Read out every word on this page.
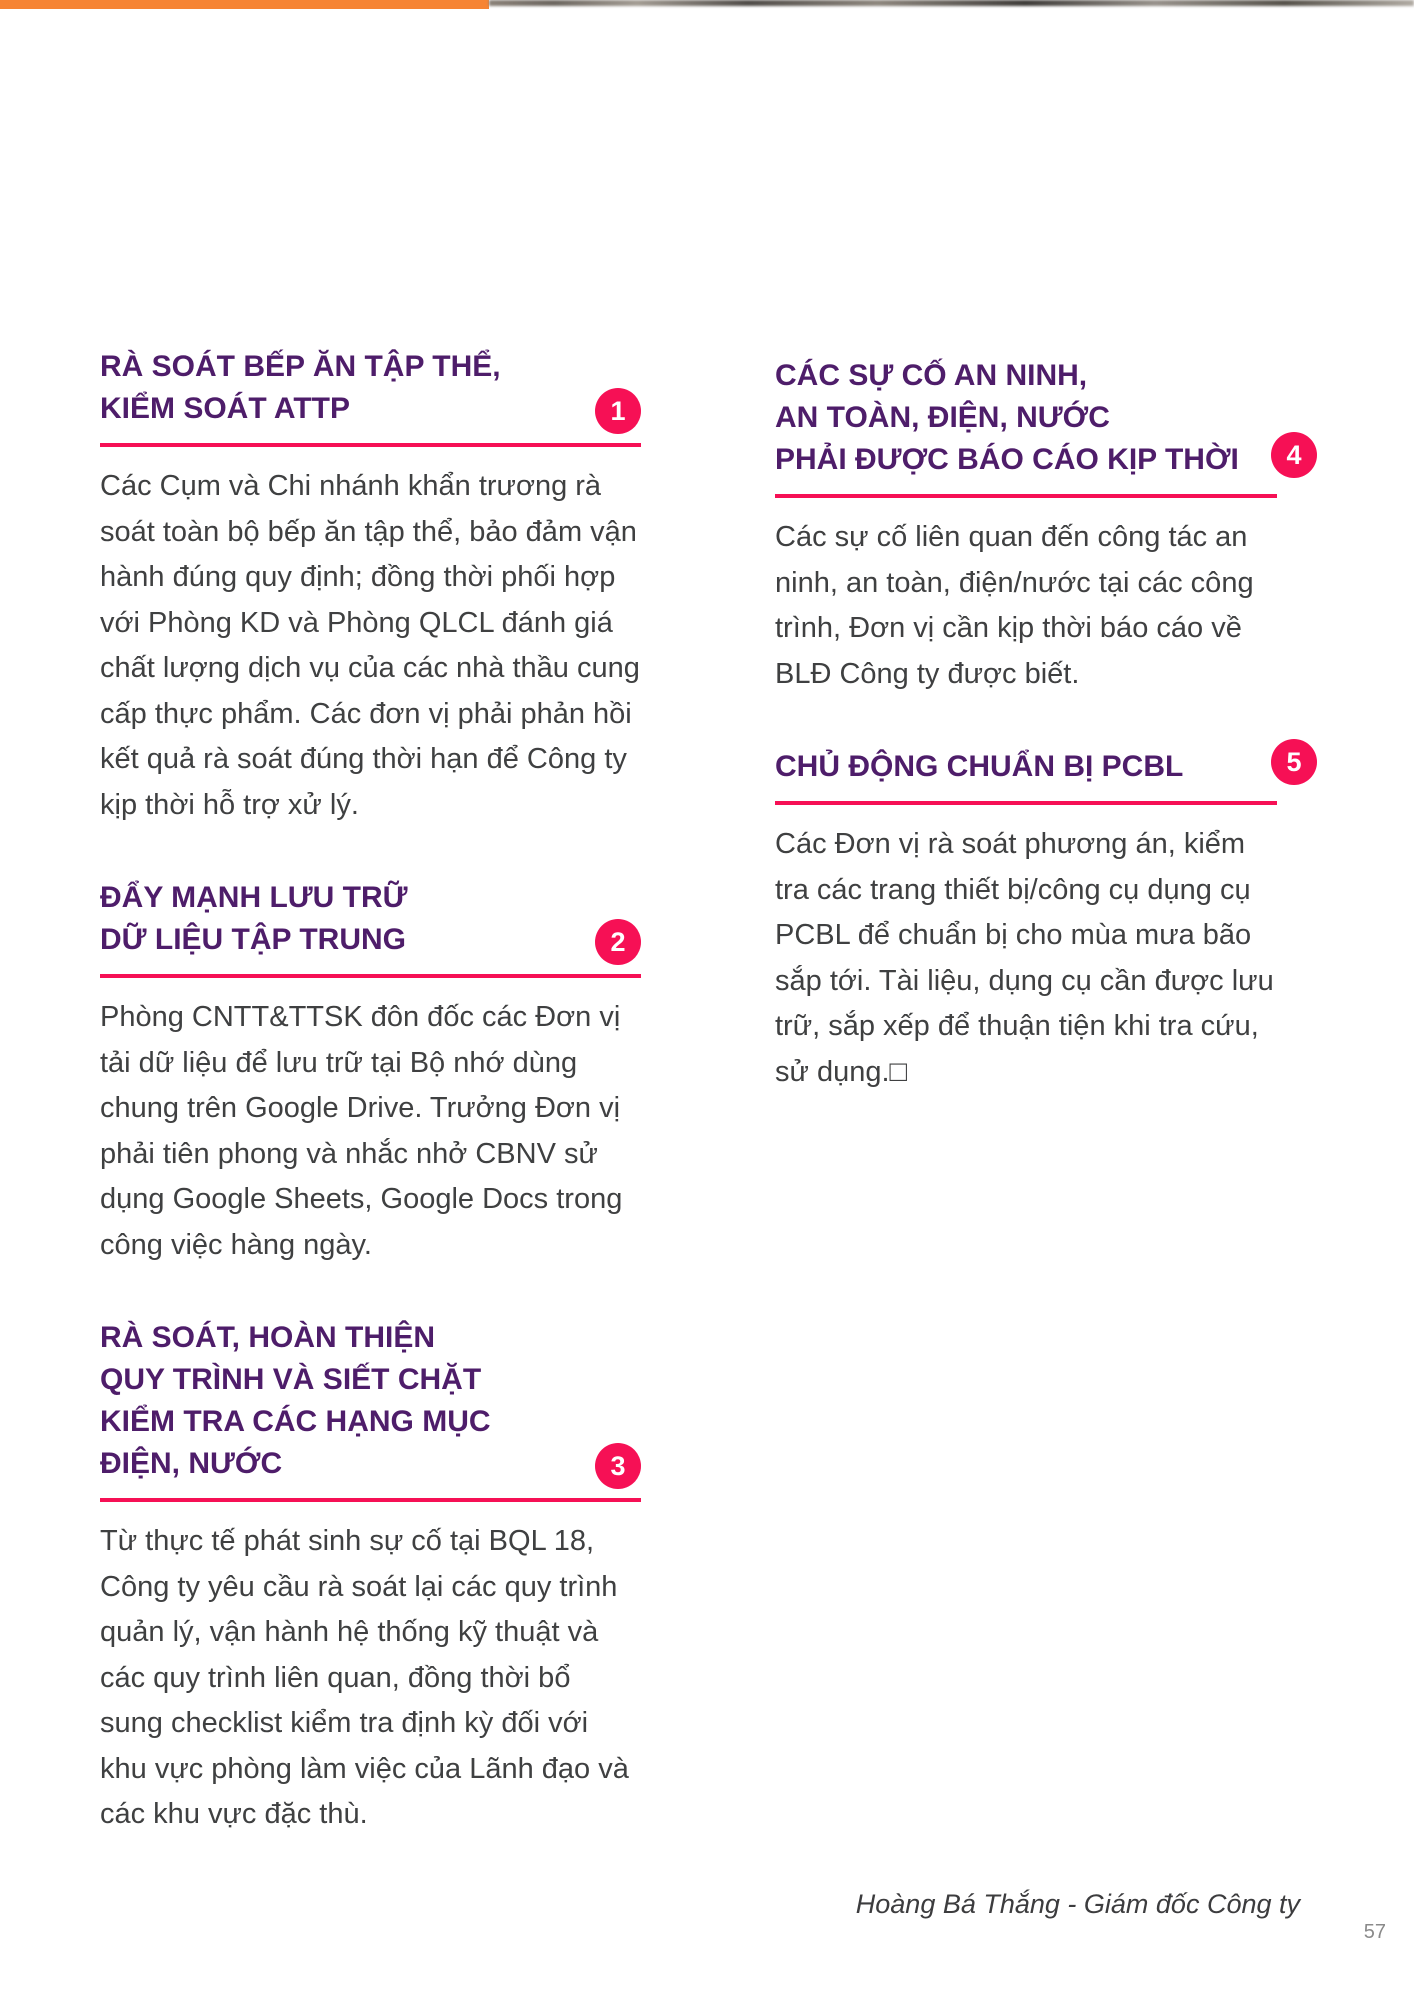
RÀ SOÁT BẾP ĂN TẬP THỂ,
KIỂM SOÁT ATTP	1

Các Cụm và Chi nhánh khẩn trương rà soát toàn bộ bếp ăn tập thể, bảo đảm vận hành đúng quy định; đồng thời phối hợp với Phòng KD và Phòng QLCL đánh giá chất lượng dịch vụ của các nhà thầu cung cấp thực phẩm. Các đơn vị phải phản hồi kết quả rà soát đúng thời hạn để Công ty kịp thời hỗ trợ xử lý.

ĐẨY MẠNH LƯU TRỮ
DỮ LIỆU TẬP TRUNG	2

Phòng CNTT&TTSK đôn đốc các Đơn vị tải dữ liệu để lưu trữ tại Bộ nhớ dùng chung trên Google Drive. Trưởng Đơn vị phải tiên phong và nhắc nhở CBNV sử dụng Google Sheets, Google Docs trong công việc hàng ngày.

RÀ SOÁT, HOÀN THIỆN
QUY TRÌNH VÀ SIẾT CHẶT
KIỂM TRA CÁC HẠNG MỤC
ĐIỆN, NƯỚC	3

Từ thực tế phát sinh sự cố tại BQL 18, Công ty yêu cầu rà soát lại các quy trình quản lý, vận hành hệ thống kỹ thuật và các quy trình liên quan, đồng thời bổ sung checklist kiểm tra định kỳ đối với khu vực phòng làm việc của Lãnh đạo và các khu vực đặc thù.

CÁC SỰ CỐ AN NINH,
AN TOÀN, ĐIỆN, NƯỚC
PHẢI ĐƯỢC BÁO CÁO KỊP THỜI	4

Các sự cố liên quan đến công tác an ninh, an toàn, điện/nước tại các công trình, Đơn vị cần kịp thời báo cáo về BLĐ Công ty được biết.

CHỦ ĐỘNG CHUẨN BỊ PCBL	5

Các Đơn vị rà soát phương án, kiểm tra các trang thiết bị/công cụ dụng cụ PCBL để chuẩn bị cho mùa mưa bão sắp tới. Tài liệu, dụng cụ cần được lưu trữ, sắp xếp để thuận tiện khi tra cứu, sử dụng.□

Hoàng Bá Thắng - Giám đốc Công ty
57
